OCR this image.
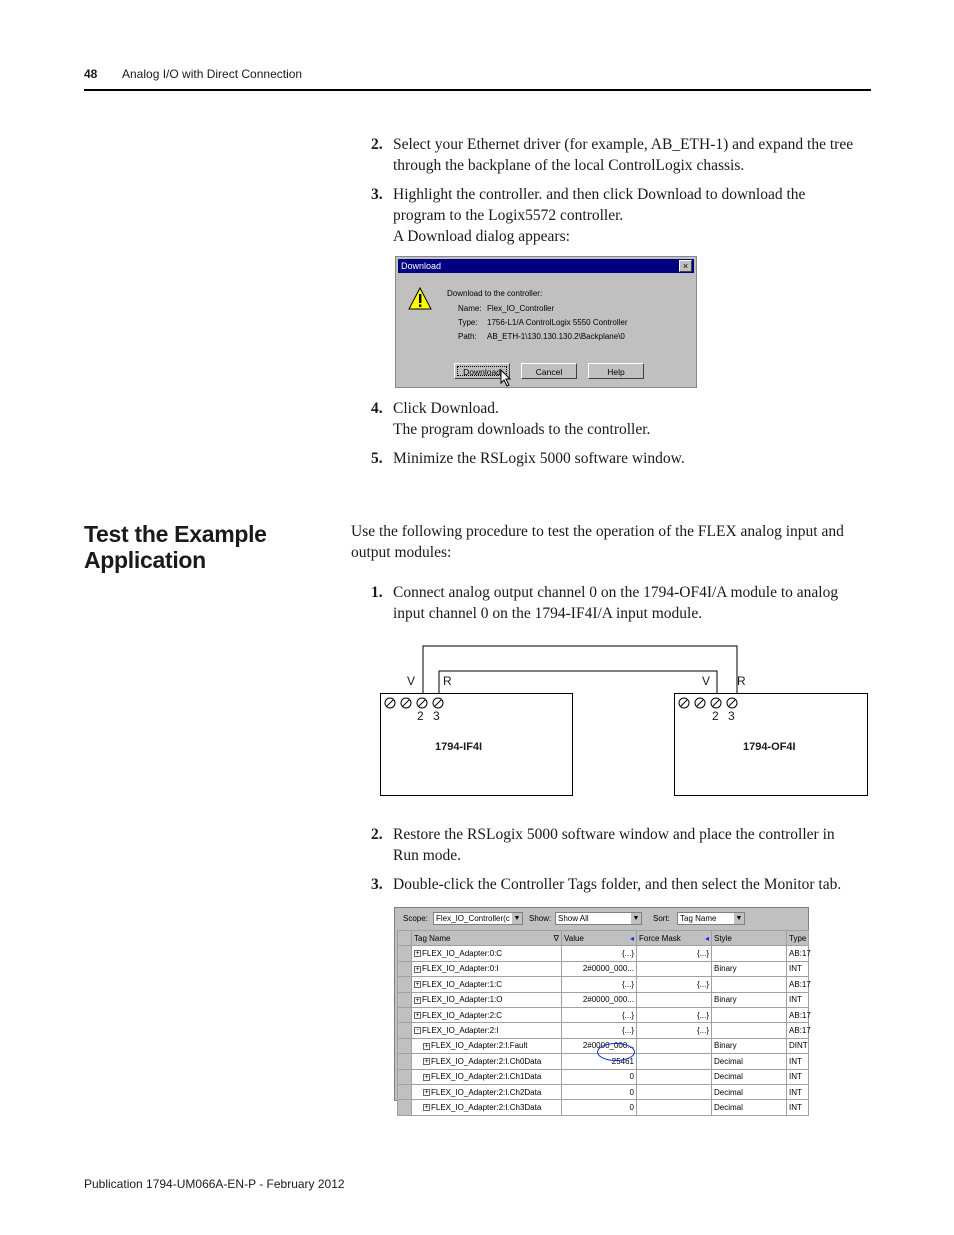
48 Analog I/O with Direct Connection
2. Select your Ethernet driver (for example, AB_ETH-1) and expand the tree
through the backplane of the local ControlLogix chassis.
3. Highlight the controller. and then click Download to download the
program to the Logix5572 controller.
A Download dialog appears:
Download	×
Download to the controller:
Name: Flex_IO_Controller
Type: 1756-L1/A ControlLogix 5550 Controller
Path: AB_ETH-1\130.130.130.2\Backplane\0
Download	Cancel	Help
4. Click Download.
The program downloads to the controller.
5. Minimize the RSLogix 5000 software window.
Test the Example Application
Use the following procedure to test the operation of the FLEX analog input and output modules:
1. Connect analog output channel 0 on the 1794-OF4I/A module to analog
input channel 0 on the 1794-IF4I/A input module.
V R
2 3
V R
2 3
1794-IF4I	1794-OF4I
2. Restore the RSLogix 5000 software window and place the controller in
Run mode.
3. Double-click the Controller Tags folder, and then select the Monitor tab.
Scope:	Flex_IO_Controller(c ▼ Show: Show All	▼ Sort:	Tag Name	▼
	Tag Name ∇	Value ◂	Force Mask ◂	Style	Type
	+ FLEX_IO_Adapter:0:C	{...}	{...}		AB:17
	+ FLEX_IO_Adapter:0:I	2#0000_000...		Binary	INT
	+ FLEX_IO_Adapter:1:C	{...}	{...}		AB:17
	+ FLEX_IO_Adapter:1:O	2#0000_000...		Binary	INT
	+ FLEX_IO_Adapter:2:C	{...}	{...}		AB:17
	- FLEX_IO_Adapter:2:I	{...}	{...}		AB:17
	+ FLEX_IO_Adapter:2:I.Fault	2#0000_000...		Binary	DINT
	+ FLEX_IO_Adapter:2:I.Ch0Data	25461		Decimal	INT
	+ FLEX_IO_Adapter:2:I.Ch1Data	0		Decimal	INT
	+ FLEX_IO_Adapter:2:I.Ch2Data	0		Decimal	INT
	+ FLEX_IO_Adapter:2:I.Ch3Data	0		Decimal	INT
Publication 1794-UM066A-EN-P - February 2012
